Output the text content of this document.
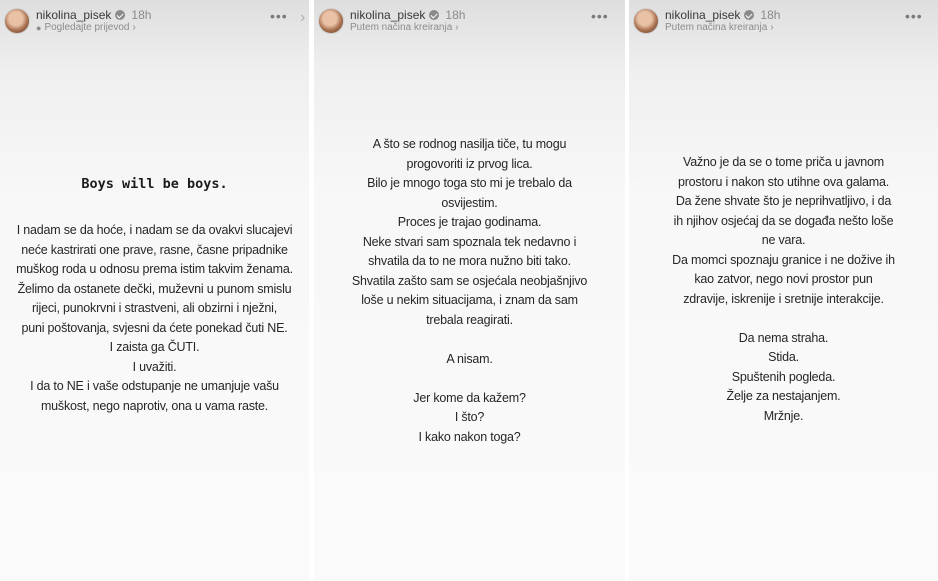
nikolina_pisek 18h
● Pogledajte prijevod ›
••• ›
Boys will be boys.

I nadam se da hoće, i nadam se da ovakvi slucajevi

neće kastrirati one prave, rasne, časne pripadnike

muškog roda u odnosu prema istim takvim ženama.

Želimo da ostanete dečki, muževni u punom smislu

rijeci, punokrvni i strastveni, ali obzirni i nježni,

puni poštovanja, svjesni da ćete ponekad čuti NE.

I zaista ga ČUTI.

I uvažiti.

I da to NE i vaše odstupanje ne umanjuje vašu

muškost, nego naprotiv, ona u vama raste.

nikolina_pisek 18h
Putem načina kreiranja ›
•••

A što se rodnog nasilja tiče, tu mogu

progovoriti iz prvog lica.

Bilo je mnogo toga sto mi je trebalo da

osvijestim.

Proces je trajao godinama.

Neke stvari sam spoznala tek nedavno i

shvatila da to ne mora nužno biti tako.

Shvatila zašto sam se osjećala neobjašnjivo

loše u nekim situacijama, i znam da sam

trebala reagirati.

A nisam.

Jer kome da kažem?

I što?

I kako nakon toga?

nikolina_pisek 18h
Putem načina kreiranja ›
•••

Važno je da se o tome priča u javnom

prostoru i nakon sto utihne ova galama.

Da žene shvate što je neprihvatljivo, i da

ih njihov osjećaj da se događa nešto loše

ne vara.

Da momci spoznaju granice i ne dožive ih

kao zatvor, nego novi prostor pun

zdravije, iskrenije i sretnije interakcije.

Da nema straha.

Stida.

Spuštenih pogleda.

Želje za nestajanjem.

Mržnje.
